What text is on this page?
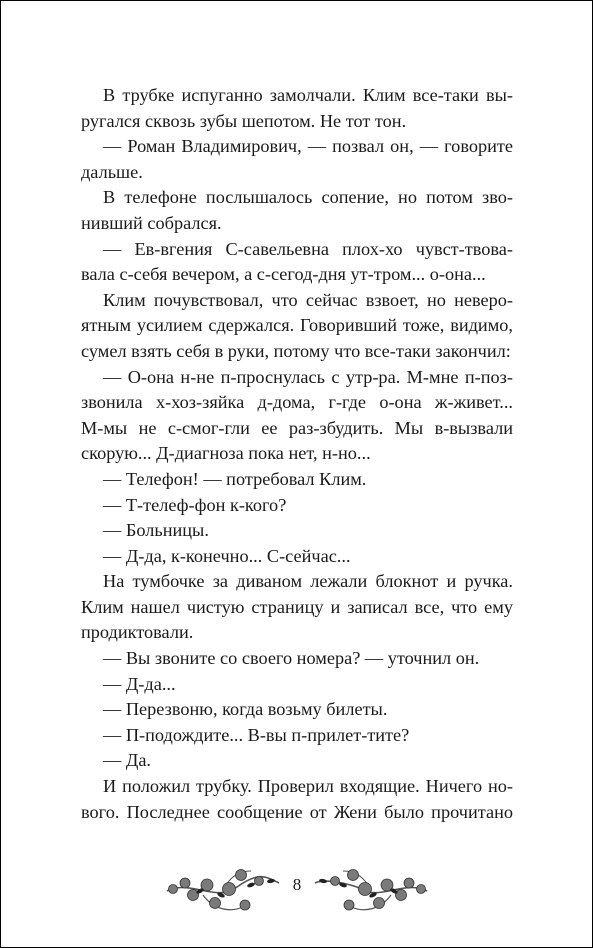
В трубке испуганно замолчали. Клим все-таки вы-
ругался сквозь зубы шепотом. Не тот тон.
— Роман Владимирович, — позвал он, — говорите
дальше.
В телефоне послышалось сопение, но потом зво-
нивший собрался.
— Ев-вгения С-савельевна плох-хо чувст-твова-
вала с-себя вечером, а с-сегод-дня ут-тром... о-она...
Клим почувствовал, что сейчас взвоет, но неверо-
ятным усилием сдержался. Говоривший тоже, видимо,
сумел взять себя в руки, потому что все-таки закончил:
— О-она н-не п-проснулась с утр-ра. М-мне п-поз-
звонила х-хоз-зяйка д-дома, г-где о-она ж-живет...
М-мы не с-смог-гли ее раз-збудить. Мы в-вызвали
скорую... Д-диагноза пока нет, н-но...
— Телефон! — потребовал Клим.
— Т-телеф-фон к-кого?
— Больницы.
— Д-да, к-конечно... С-сейчас...
На тумбочке за диваном лежали блокнот и ручка.
Клим нашел чистую страницу и записал все, что ему
продиктовали.
— Вы звоните со своего номера? — уточнил он.
— Д-да...
— Перезвоню, когда возьму билеты.
— П-подождите... В-вы п-прилет-тите?
— Да.
И положил трубку. Проверил входящие. Ничего но-
вого. Последнее сообщение от Жени было прочитано
8
